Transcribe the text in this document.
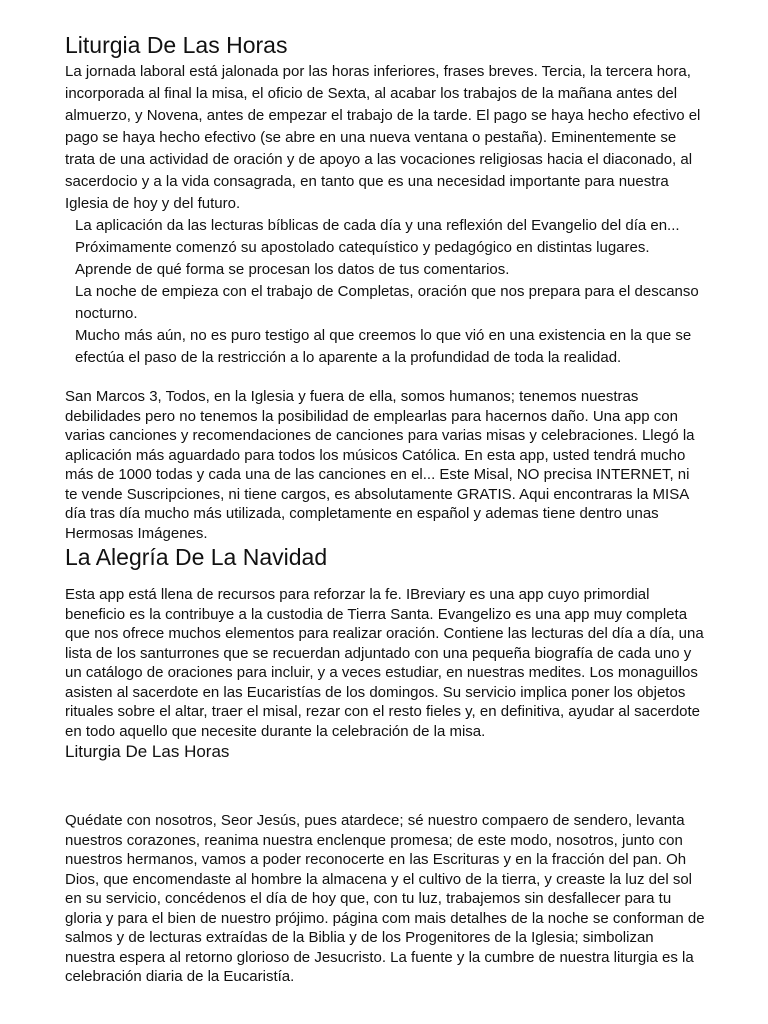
Liturgia De Las Horas

La jornada laboral está jalonada por las horas inferiores, frases breves. Tercia, la tercera hora, incorporada al final la misa, el oficio de Sexta, al acabar los trabajos de la mañana antes del almuerzo, y Novena, antes de empezar el trabajo de la tarde. El pago se haya hecho efectivo el pago se haya hecho efectivo (se abre en una nueva ventana o pestaña). Eminentemente se trata de una actividad de oración y de apoyo a las vocaciones religiosas hacia el diaconado, al sacerdocio y a la vida consagrada, en tanto que es una necesidad importante para nuestra Iglesia de hoy y del futuro.

La aplicación da las lecturas bíblicas de cada día y una reflexión del Evangelio del día en...
Próximamente comenzó su apostolado catequístico y pedagógico en distintas lugares.
Aprende de qué forma se procesan los datos de tus comentarios.
La noche de empieza con el trabajo de Completas, oración que nos prepara para el descanso nocturno.
Mucho más aún, no es puro testigo al que creemos lo que vió en una existencia en la que se efectúa el paso de la restricción a lo aparente a la profundidad de toda la realidad.

San Marcos 3, Todos, en la Iglesia y fuera de ella, somos humanos; tenemos nuestras debilidades pero no tenemos la posibilidad de emplearlas para hacernos daño. Una app con varias canciones y recomendaciones de canciones para varias misas y celebraciones. Llegó la aplicación más aguardado para todos los músicos Católica. En esta app, usted tendrá mucho más de 1000 todas y cada una de las canciones en el... Este Misal, NO precisa INTERNET, ni te vende Suscripciones, ni tiene cargos, es absolutamente GRATIS. Aqui encontraras la MISA día tras día mucho más utilizada, completamente en español y ademas tiene dentro unas Hermosas Imágenes.

La Alegría De La Navidad

Esta app está llena de recursos para reforzar la fe. IBreviary es una app cuyo primordial beneficio es la contribuye a la custodia de Tierra Santa. Evangelizo es una app muy completa que nos ofrece muchos elementos para realizar oración. Contiene las lecturas del día a día, una lista de los santurrones que se recuerdan adjuntado con una pequeña biografía de cada uno y un catálogo de oraciones para incluir, y a veces estudiar, en nuestras medites. Los monaguillos asisten al sacerdote en las Eucaristías de los domingos. Su servicio implica poner los objetos rituales sobre el altar, traer el misal, rezar con el resto fieles y, en definitiva, ayudar al sacerdote en todo aquello que necesite durante la celebración de la misa.

Liturgia De Las Horas

Quédate con nosotros, Seor Jesús, pues atardece; sé nuestro compaero de sendero, levanta nuestros corazones, reanima nuestra enclenque promesa; de este modo, nosotros, junto con nuestros hermanos, vamos a poder reconocerte en las Escrituras y en la fracción del pan. Oh Dios, que encomendaste al hombre la almacena y el cultivo de la tierra, y creaste la luz del sol en su servicio, concédenos el día de hoy que, con tu luz, trabajemos sin desfallecer para tu gloria y para el bien de nuestro prójimo. página com mais detalhes de la noche se conforman de salmos y de lecturas extraídas de la Biblia y de los Progenitores de la Iglesia; simbolizan nuestra espera al retorno glorioso de Jesucristo. La fuente y la cumbre de nuestra liturgia es la celebración diaria de la Eucaristía.
